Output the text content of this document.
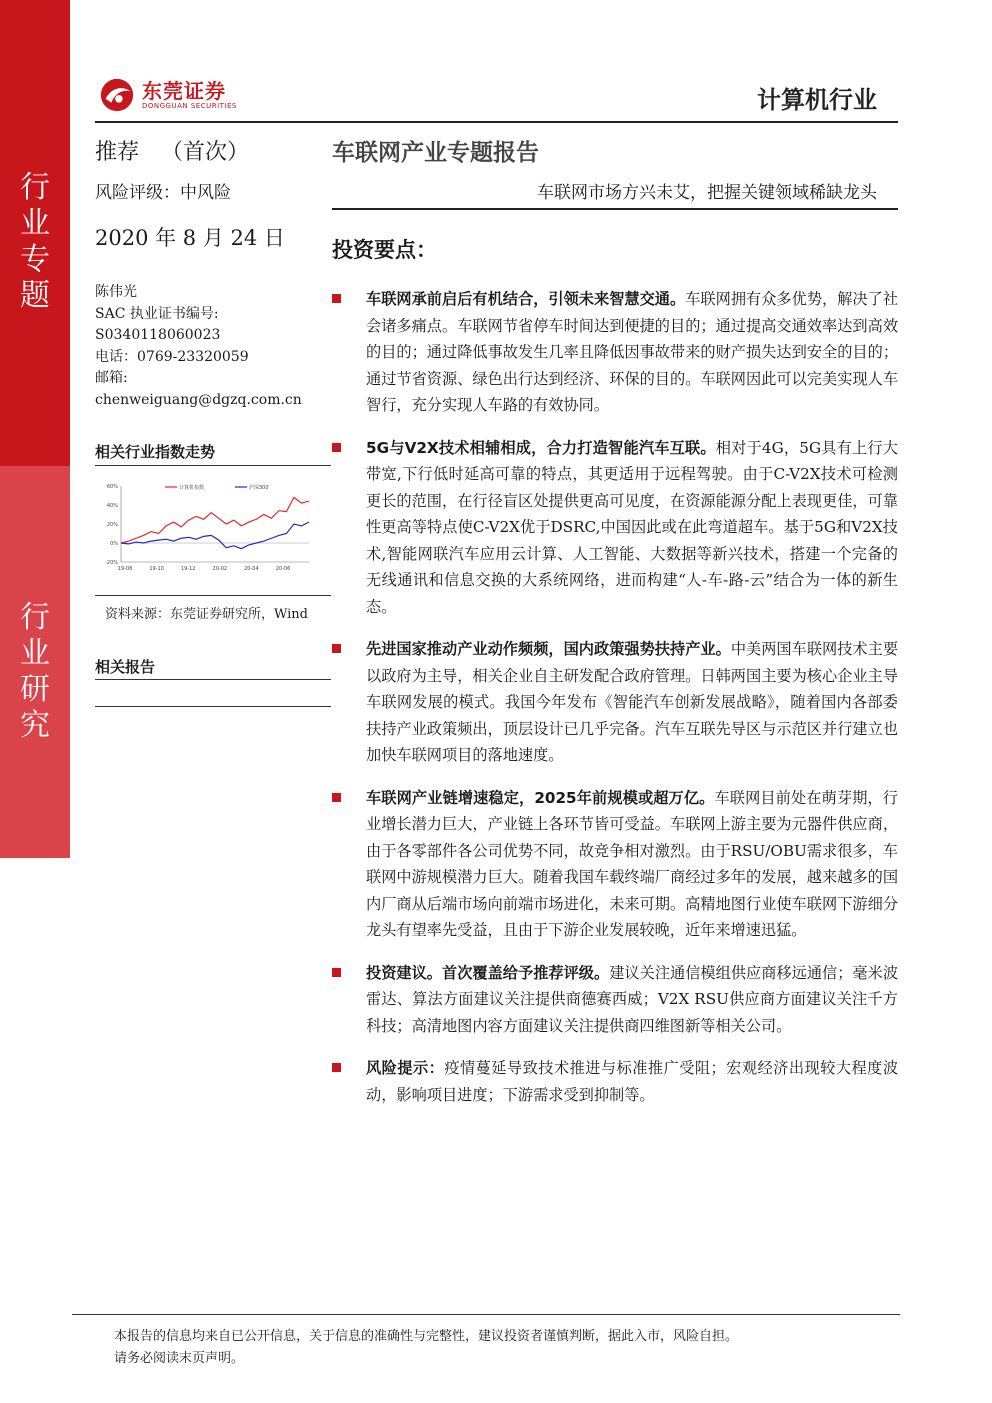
行
业
专
题
行
业
研
究
东莞证券
DONGGUAN SECURITIES	计算机行业
推荐 （首次）	车联网产业专题报告
风险评级：中风险	车联网市场方兴未艾，把握关键领域稀缺龙头
2020 年 8 月 24 日 投资要点：
陈伟光
SAC 执业证书编号:
S0340118060023
电话：0769-23320059
邮箱:
chenweiguang@dgzq.com.cn
相关行业指数走势
60%
40%
20%
0%
-20%
19-08	19-10	19-12	20-02	20-04	20-06
计算机指数	沪深300
资料来源：东莞证券研究所，Wind
相关报告
车联网承前启后有机结合，引领未来智慧交通。车联网拥有众多优势，解决了社会诸多痛点。车联网节省停车时间达到便捷的目的；通过提高交通效率达到高效的目的；通过降低事故发生几率且降低因事故带来的财产损失达到安全的目的；通过节省资源、绿色出行达到经济、环保的目的。车联网因此可以完美实现人车智行，充分实现人车路的有效协同。
5G与V2X技术相辅相成，合力打造智能汽车互联。相对于4G，5G具有上行大带宽,下行低时延高可靠的特点，其更适用于远程驾驶。由于C-V2X技术可检测更长的范围，在行径盲区处提供更高可见度，在资源能源分配上表现更佳，可靠性更高等特点使C-V2X优于DSRC,中国因此或在此弯道超车。基于5G和V2X技术,智能网联汽车应用云计算、人工智能、大数据等新兴技术，搭建一个完备的无线通讯和信息交换的大系统网络，进而构建“人-车-路-云”结合为一体的新生态。
先进国家推动产业动作频频，国内政策强势扶持产业。中美两国车联网技术主要以政府为主导，相关企业自主研发配合政府管理。日韩两国主要为核心企业主导车联网发展的模式。我国今年发布《智能汽车创新发展战略》，随着国内各部委扶持产业政策频出，顶层设计已几乎完备。汽车互联先导区与示范区并行建立也加快车联网项目的落地速度。
车联网产业链增速稳定，2025年前规模或超万亿。车联网目前处在萌芽期，行业增长潜力巨大，产业链上各环节皆可受益。车联网上游主要为元器件供应商，由于各零部件各公司优势不同，故竞争相对激烈。由于RSU/OBU需求很多，车联网中游规模潜力巨大。随着我国车载终端厂商经过多年的发展，越来越多的国内厂商从后端市场向前端市场进化，未来可期。高精地图行业使车联网下游细分龙头有望率先受益，且由于下游企业发展较晚，近年来增速迅猛。
投资建议。首次覆盖给予推荐评级。建议关注通信模组供应商移远通信；毫米波雷达、算法方面建议关注提供商德赛西威；V2X RSU供应商方面建议关注千方科技；高清地图内容方面建议关注提供商四维图新等相关公司。
风险提示：疫情蔓延导致技术推进与标准推广受阻；宏观经济出现较大程度波动，影响项目进度；下游需求受到抑制等。
本报告的信息均来自已公开信息，关于信息的准确性与完整性，建议投资者谨慎判断，据此入市，风险自担。
请务必阅读末页声明。
